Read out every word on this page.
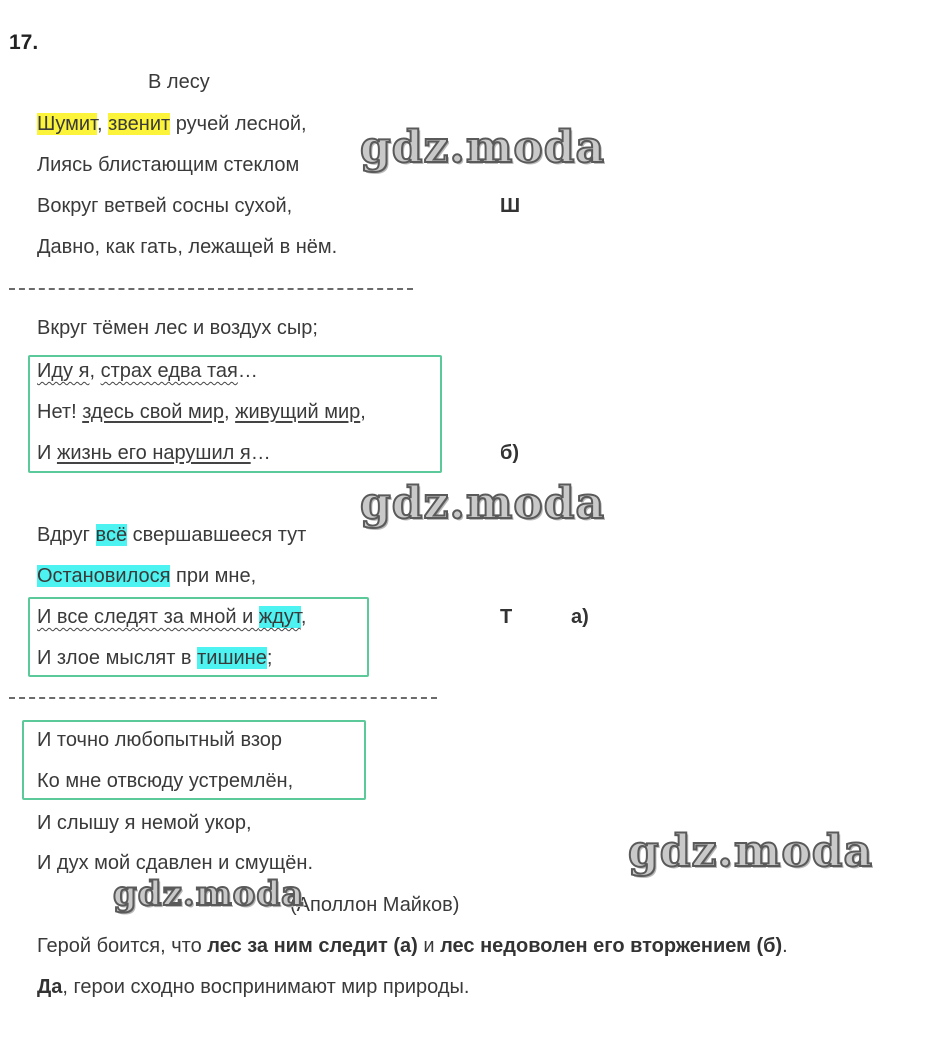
17.
В лесу
Шумит, звенит ручей лесной,
Лиясь блистающим стеклом
Вокруг ветвей сосны сухой,
Давно, как гать, лежащей в нём.
Ш
Вкруг тёмен лес и воздух сыр;
Иду я, страх едва тая…
Нет! здесь свой мир, живущий мир,
И жизнь его нарушил я…	б)
Вдруг всё свершавшееся тут
Остановилося при мне,
И все следят за мной и ждут,
И злое мыслят в тишине;
Т	а)
И точно любопытный взор
Ко мне отвсюду устремлён,
И слышу я немой укор,
И дух мой сдавлен и смущён.
(Аполлон Майков)
Герой боится, что лес за ним следит (а) и лес недоволен его вторжением (б).
Да, герои сходно воспринимают мир природы.
gdz.moda
gdz.moda
gdz.moda
gdz.moda
